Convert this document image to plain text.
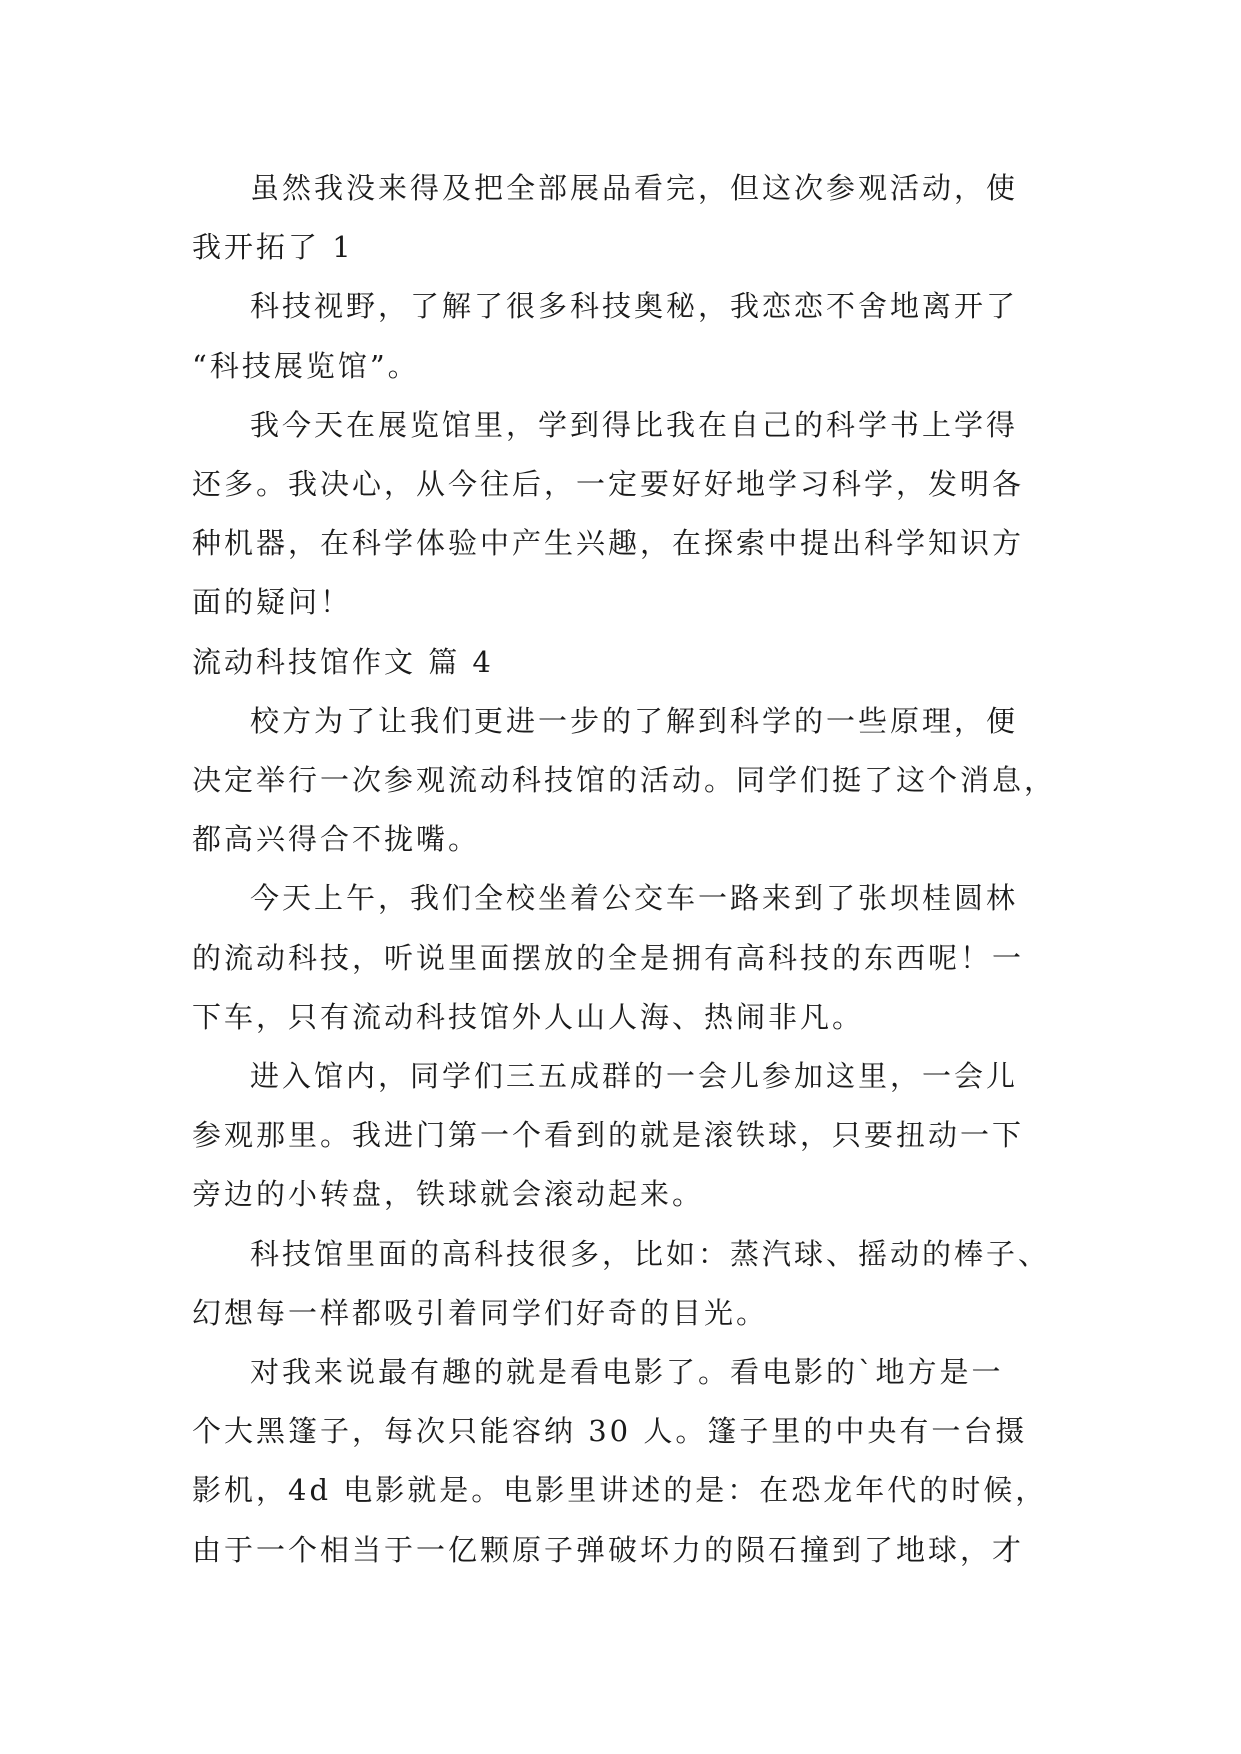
虽然我没来得及把全部展品看完，但这次参观活动，使
我开拓了 1

科技视野，了解了很多科技奥秘，我恋恋不舍地离开了
“科技展览馆”。

我今天在展览馆里，学到得比我在自己的科学书上学得
还多。我决心，从今往后，一定要好好地学习科学，发明各
种机器，在科学体验中产生兴趣，在探索中提出科学知识方
面的疑问！

流动科技馆作文 篇 4

校方为了让我们更进一步的了解到科学的一些原理，便
决定举行一次参观流动科技馆的活动。同学们挺了这个消息，
都高兴得合不拢嘴。

今天上午，我们全校坐着公交车一路来到了张坝桂圆林
的流动科技，听说里面摆放的全是拥有高科技的东西呢！一
下车，只有流动科技馆外人山人海、热闹非凡。

进入馆内，同学们三五成群的一会儿参加这里，一会儿
参观那里。我进门第一个看到的就是滚铁球，只要扭动一下
旁边的小转盘，铁球就会滚动起来。

科技馆里面的高科技很多，比如：蒸汽球、摇动的棒子、
幻想每一样都吸引着同学们好奇的目光。

对我来说最有趣的就是看电影了。看电影的`地方是一
个大黑篷子，每次只能容纳 30 人。篷子里的中央有一台摄
影机，4d 电影就是。电影里讲述的是：在恐龙年代的时候，
由于一个相当于一亿颗原子弹破坏力的陨石撞到了地球，才
